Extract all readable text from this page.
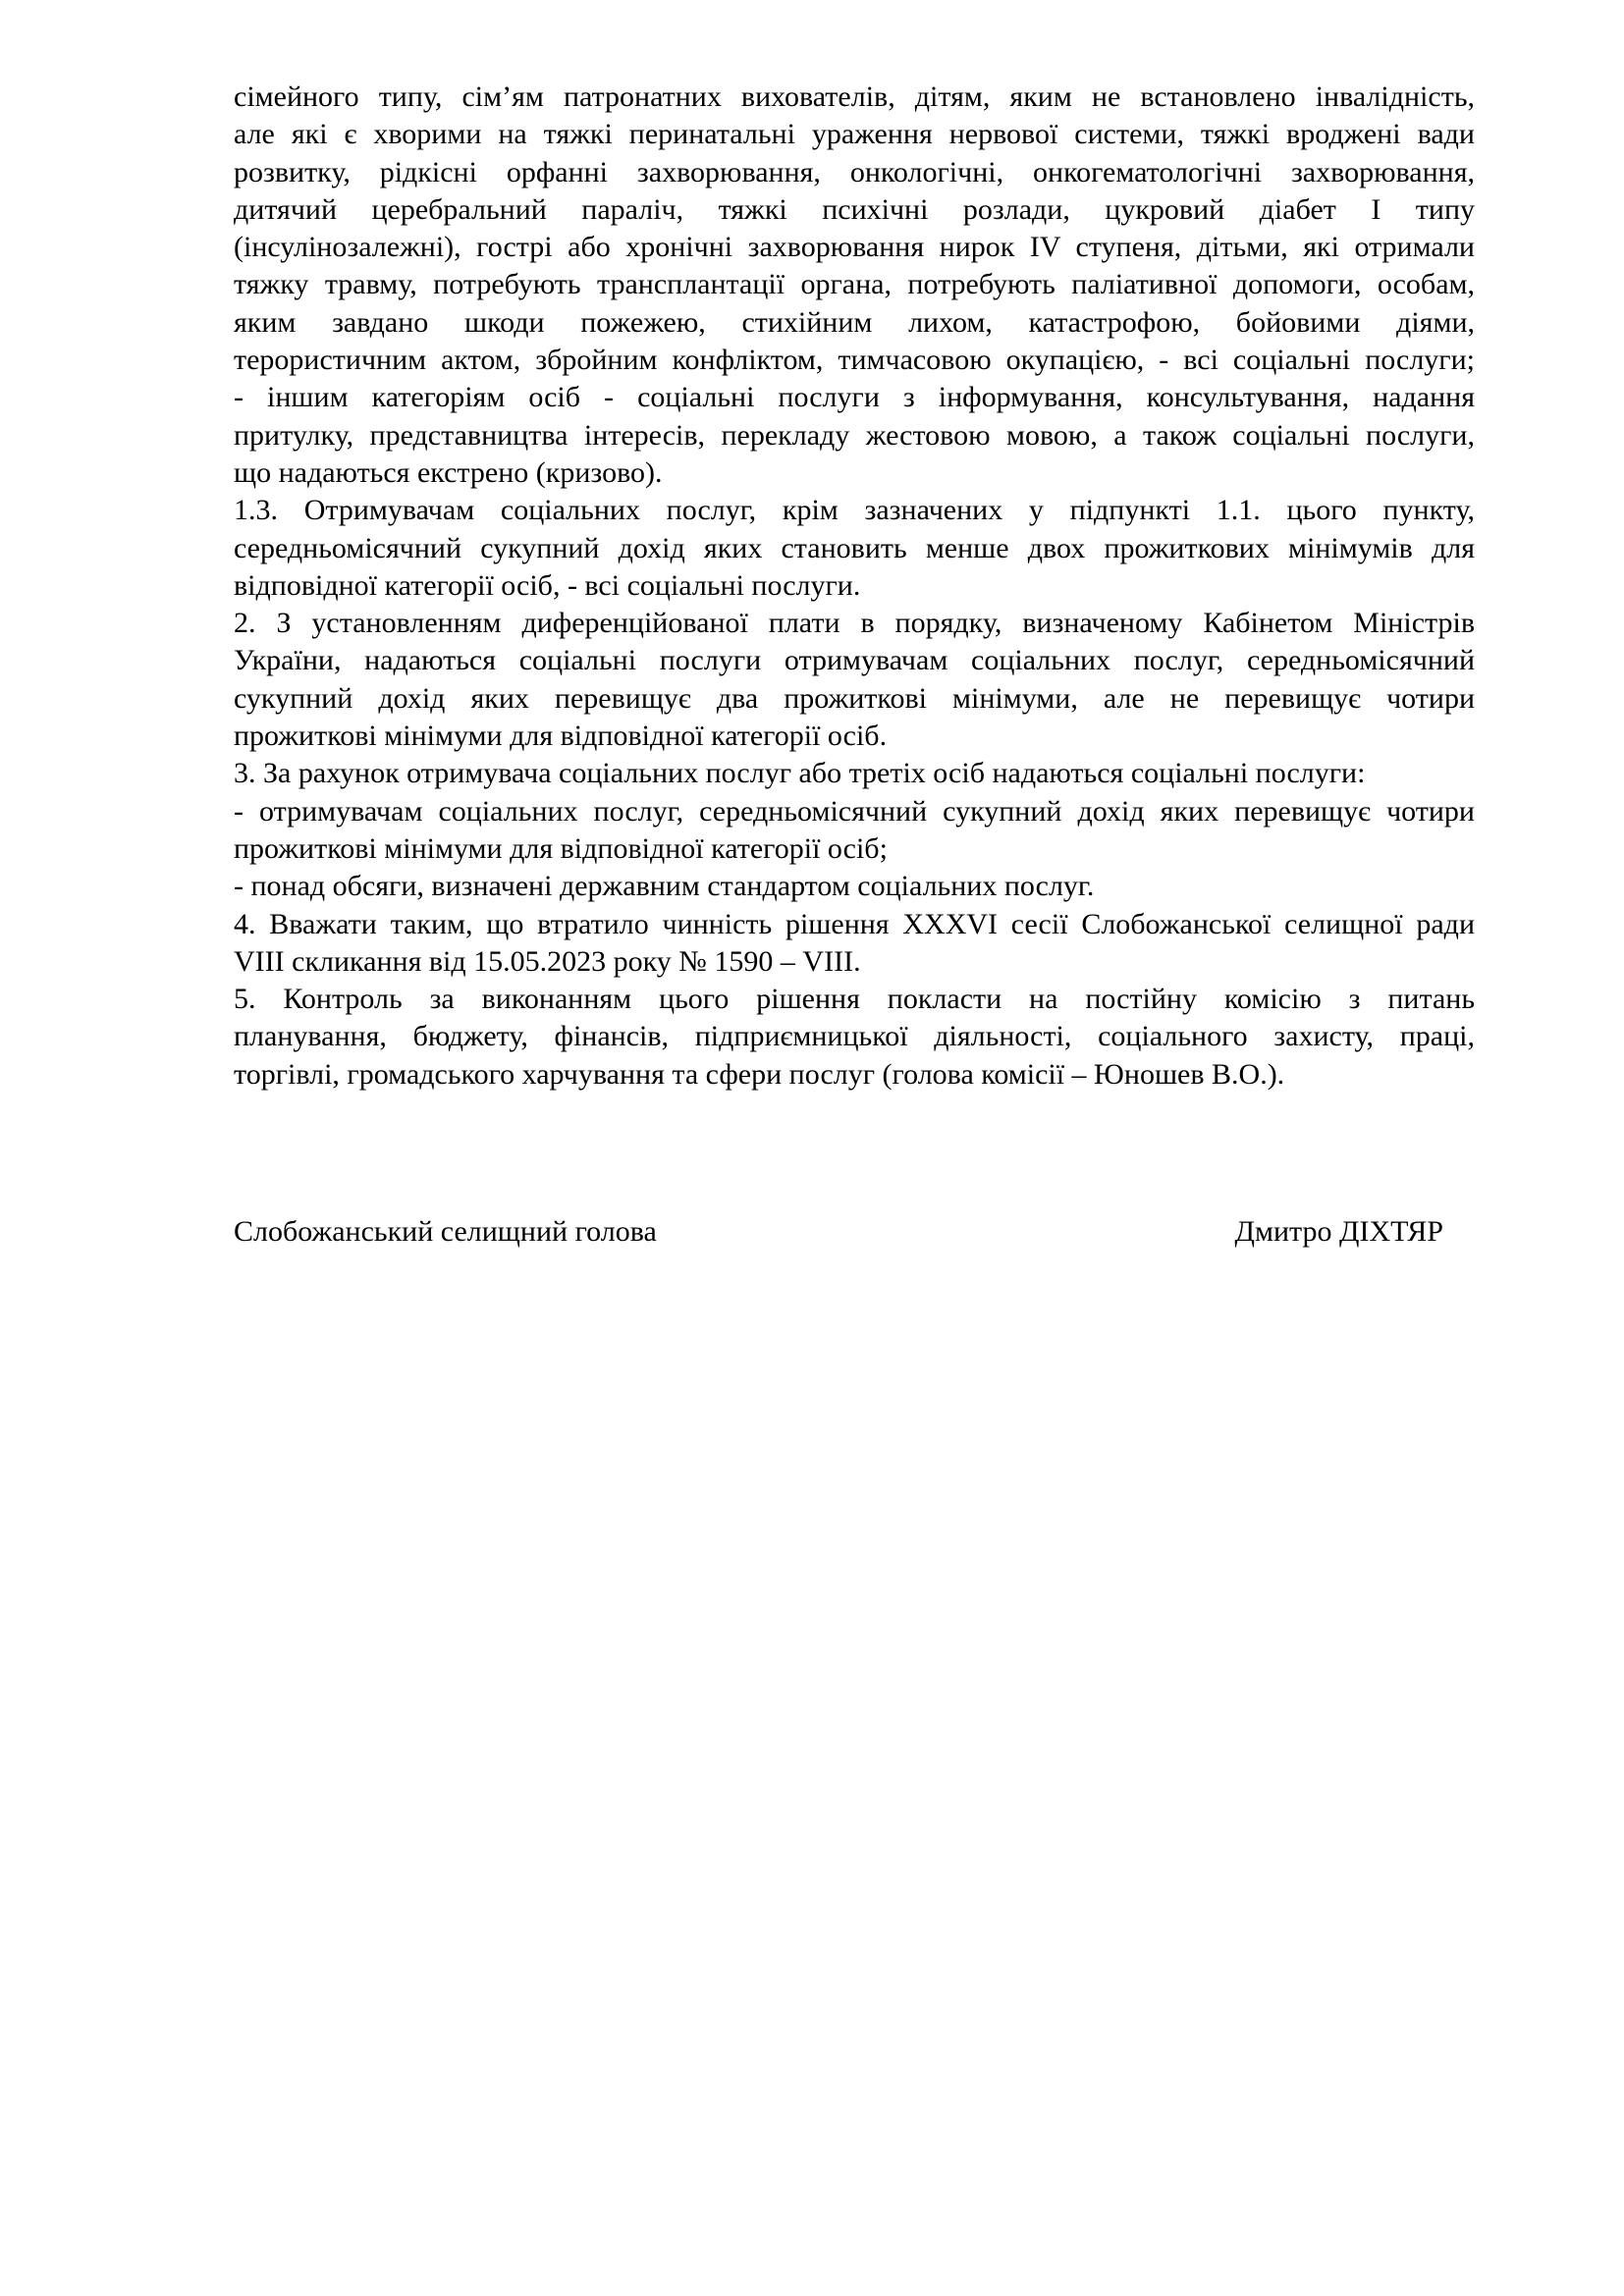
сімейного типу, сім’ям патронатних вихователів, дітям, яким не встановлено інвалідність,
але які є хворими на тяжкі перинатальні ураження нервової системи, тяжкі вроджені вади
розвитку, рідкісні орфанні захворювання, онкологічні, онкогематологічні захворювання,
дитячий церебральний параліч, тяжкі психічні розлади, цукровий діабет І типу
(інсулінозалежні), гострі або хронічні захворювання нирок IV ступеня, дітьми, які отримали
тяжку травму, потребують трансплантації органа, потребують паліативної допомоги, особам,
яким завдано шкоди пожежею, стихійним лихом, катастрофою, бойовими діями,
терористичним актом, збройним конфліктом, тимчасовою окупацією, - всі соціальні послуги;
- іншим категоріям осіб - соціальні послуги з інформування, консультування, надання
притулку, представництва інтересів, перекладу жестовою мовою, а також соціальні послуги,
що надаються екстрено (кризово).
1.3. Отримувачам соціальних послуг, крім зазначених у підпункті 1.1. цього пункту,
середньомісячний сукупний дохід яких становить менше двох прожиткових мінімумів для
відповідної категорії осіб, - всі соціальні послуги.
2. З установленням диференційованої плати в порядку, визначеному Кабінетом Міністрів
України, надаються соціальні послуги отримувачам соціальних послуг, середньомісячний
сукупний дохід яких перевищує два прожиткові мінімуми, але не перевищує чотири
прожиткові мінімуми для відповідної категорії осіб.
3. За рахунок отримувача соціальних послуг або третіх осіб надаються соціальні послуги:
- отримувачам соціальних послуг, середньомісячний сукупний дохід яких перевищує чотири
прожиткові мінімуми для відповідної категорії осіб;
- понад обсяги, визначені державним стандартом соціальних послуг.
4. Вважати таким, що втратило чинність рішення ХХХVІ сесії Слобожанської селищної ради
VIII скликання від 15.05.2023 року № 1590 – VIII.
5. Контроль за виконанням цього рішення покласти на постійну комісію з питань
планування, бюджету, фінансів, підприємницької діяльності, соціального захисту, праці,
торгівлі, громадського харчування та сфери послуг (голова комісії – Юношев В.О.).
Слобожанський селищний голова	Дмитро ДІХТЯР
